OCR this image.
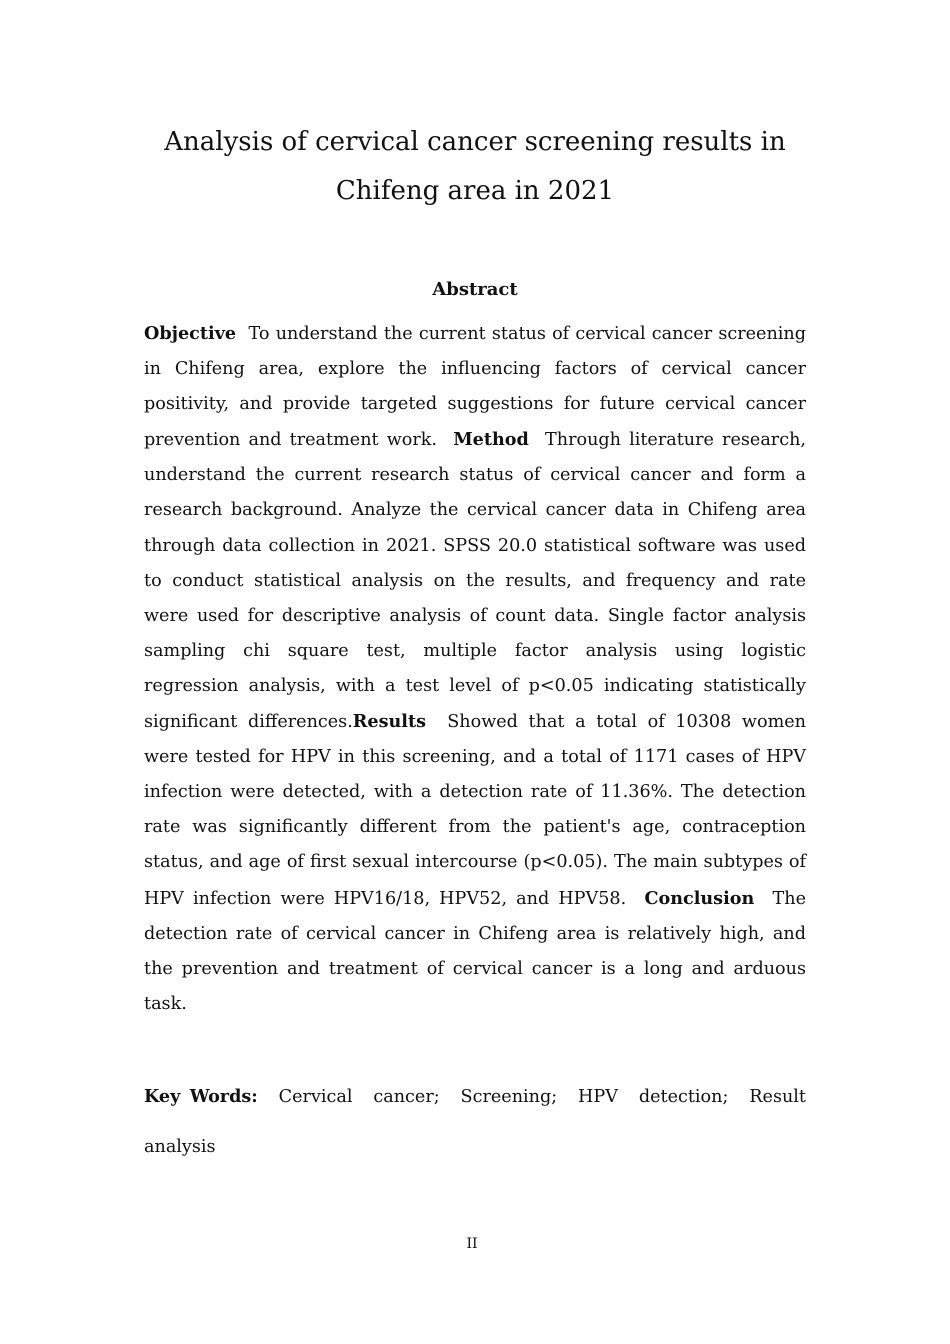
Analysis of cervical cancer screening results in
Chifeng area in 2021
Abstract

Objective To understand the current status of cervical cancer screening in Chifeng area, explore the influencing factors of cervical cancer positivity, and provide targeted suggestions for future cervical cancer prevention and treatment work. Method Through literature research, understand the current research status of cervical cancer and form a research background. Analyze the cervical cancer data in Chifeng area through data collection in 2021. SPSS 20.0 statistical software was used to conduct statistical analysis on the results, and frequency and rate were used for descriptive analysis of count data. Single factor analysis sampling chi square test, multiple factor analysis using logistic regression analysis, with a test level of p<0.05 indicating statistically significant differences.Results Showed that a total of 10308 women were tested for HPV in this screening, and a total of 1171 cases of HPV infection were detected, with a detection rate of 11.36%. The detection rate was significantly different from the patient's age, contraception status, and age of first sexual intercourse (p<0.05). The main subtypes of HPV infection were HPV16/18, HPV52, and HPV58. Conclusion The detection rate of cervical cancer in Chifeng area is relatively high, and the prevention and treatment of cervical cancer is a long and arduous task.

Key Words: Cervical cancer; Screening; HPV detection; Result analysis

II
